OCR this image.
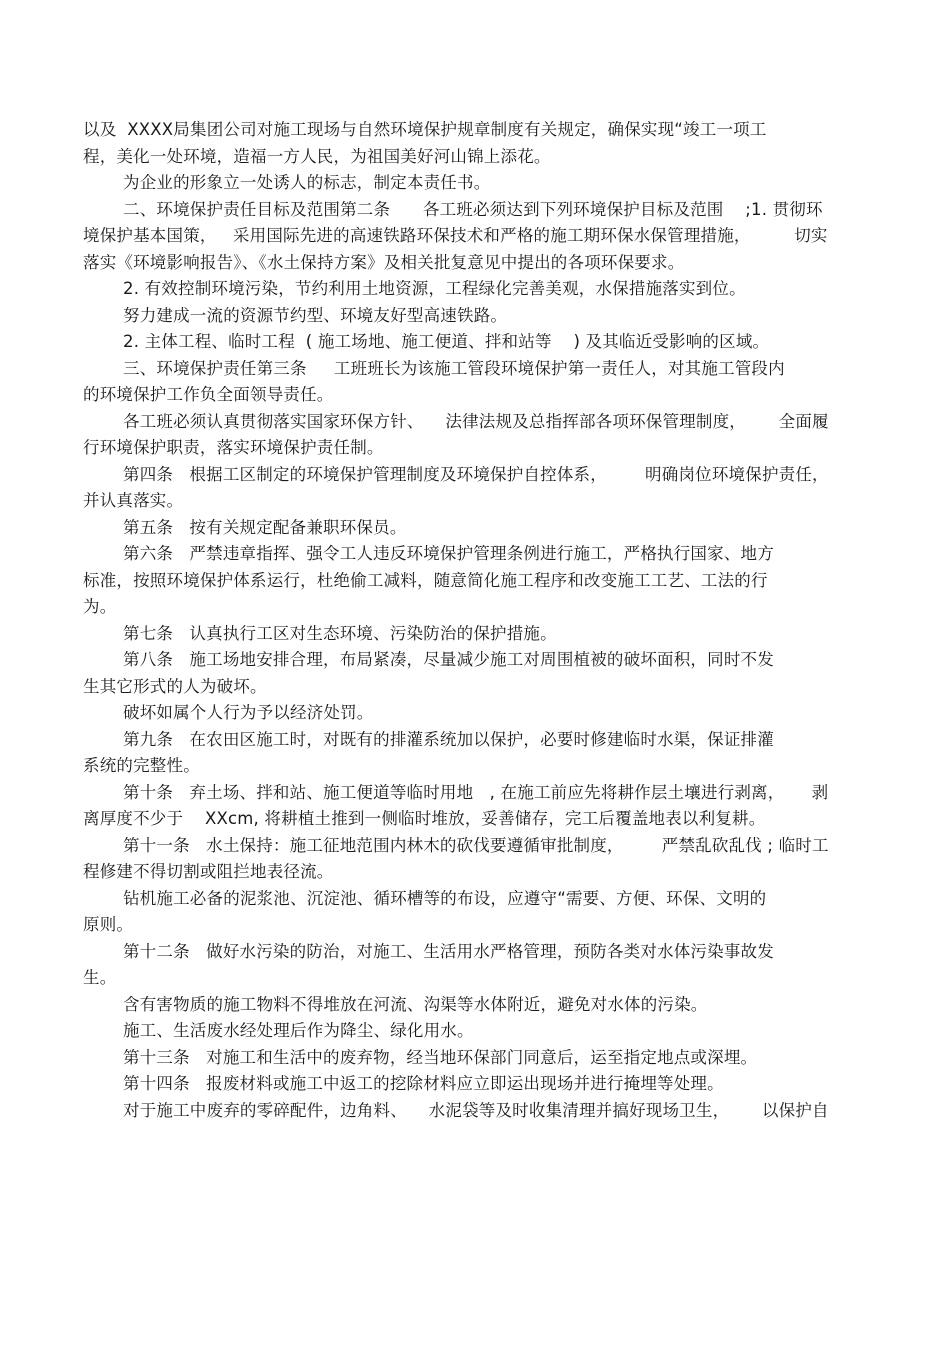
以及  XXXX局集团公司对施工现场与自然环境保护规章制度有关规定，确保实现“竣工一项工
程，美化一处环境，造福一方人民，为祖国美好河山锦上添花。
为企业的形象立一处诱人的标志，制定本责任书。
二、环境保护责任目标及范围第二条      各工班必须达到下列环境保护目标及范围    ;1. 贯彻环
境保护基本国策，   采用国际先进的高速铁路环保技术和严格的施工期环保水保管理措施，        切实
落实《环境影响报告》、《水土保持方案》及相关批复意见中提出的各项环保要求。
2. 有效控制环境污染，节约利用土地资源，工程绿化完善美观，水保措施落实到位。
努力建成一流的资源节约型、环境友好型高速铁路。
2. 主体工程、临时工程  ( 施工场地、施工便道、拌和站等    ) 及其临近受影响的区域。
三、环境保护责任第三条     工班班长为该施工管段环境保护第一责任人，对其施工管段内
的环境保护工作负全面领导责任。
各工班必须认真贯彻落实国家环保方针、    法律法规及总指挥部各项环保管理制度，      全面履
行环境保护职责，落实环境保护责任制。
第四条   根据工区制定的环境保护管理制度及环境保护自控体系，       明确岗位环境保护责任，
并认真落实。
第五条   按有关规定配备兼职环保员。
第六条   严禁违章指挥、强令工人违反环境保护管理条例进行施工，严格执行国家、地方
标准，按照环境保护体系运行，杜绝偷工减料，随意简化施工程序和改变施工工艺、工法的行
为。
第七条   认真执行工区对生态环境、污染防治的保护措施。
第八条   施工场地安排合理，布局紧凑，尽量减少施工对周围植被的破坏面积，同时不发
生其它形式的人为破坏。
破坏如属个人行为予以经济处罚。
第九条   在农田区施工时，对既有的排灌系统加以保护，必要时修建临时水渠，保证排灌
系统的完整性。
第十条   弃土场、拌和站、施工便道等临时用地   , 在施工前应先将耕作层土壤进行剥离，     剥
离厚度不少于    XXcm, 将耕植土推到一侧临时堆放，妥善储存，完工后覆盖地表以利复耕。
第十一条   水土保持：施工征地范围内林木的砍伐要遵循审批制度，       严禁乱砍乱伐 ; 临时工
程修建不得切割或阻拦地表径流。
钻机施工必备的泥浆池、沉淀池、循环槽等的布设，应遵守“需要、方便、环保、文明的
原则。
第十二条   做好水污染的防治，对施工、生活用水严格管理，预防各类对水体污染事故发
生。
含有害物质的施工物料不得堆放在河流、沟渠等水体附近，避免对水体的污染。
施工、生活废水经处理后作为降尘、绿化用水。
第十三条   对施工和生活中的废弃物，经当地环保部门同意后，运至指定地点或深埋。
第十四条   报废材料或施工中返工的挖除材料应立即运出现场并进行掩埋等处理。
对于施工中废弃的零碎配件，边角料、    水泥袋等及时收集清理并搞好现场卫生，      以保护自
